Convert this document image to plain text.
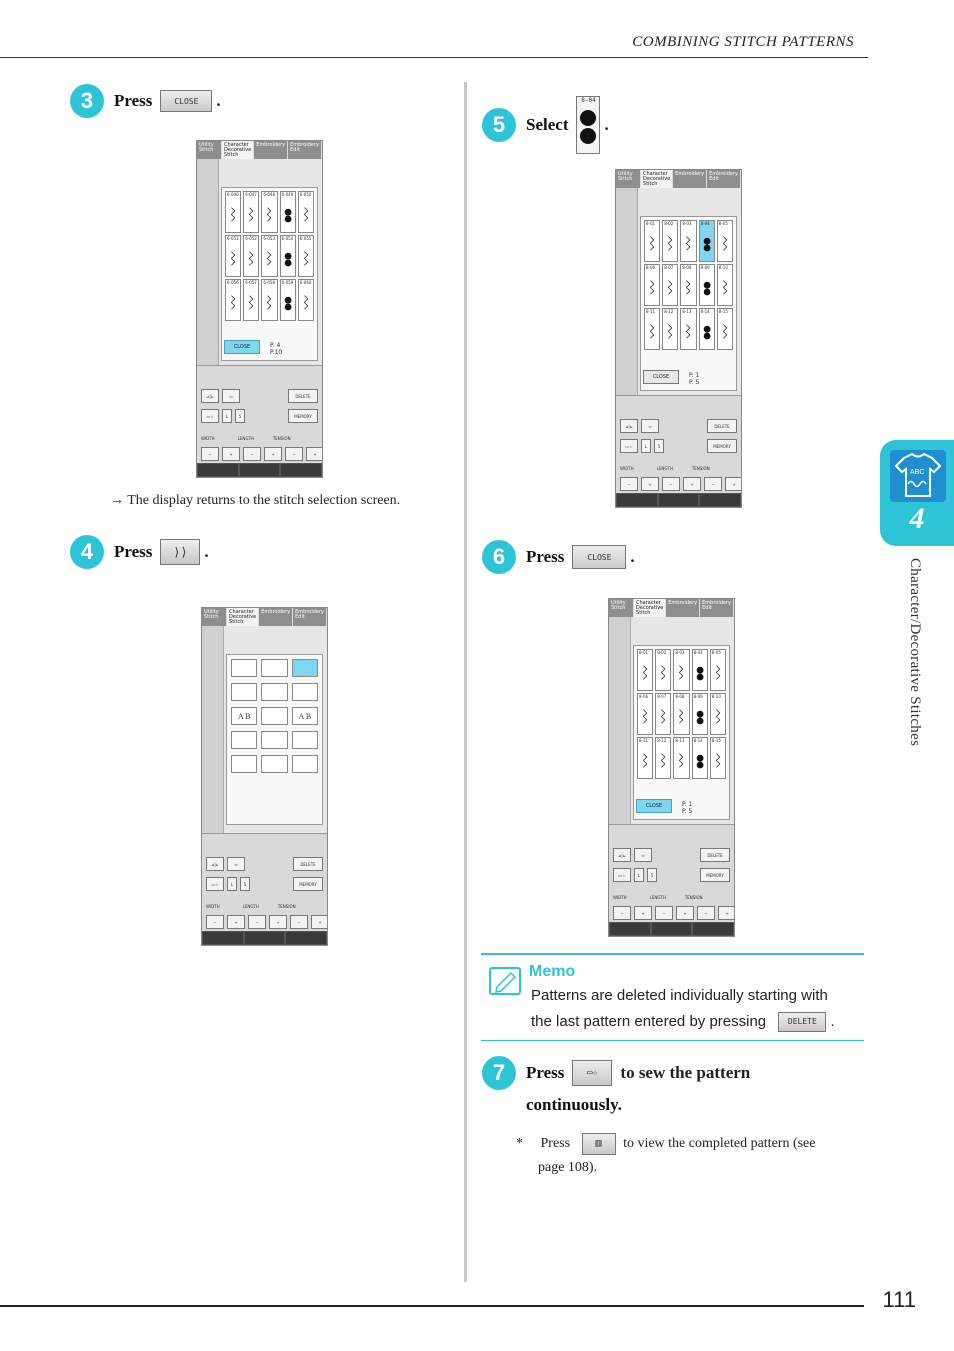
COMBINING STITCH PATTERNS
ABC
4
Character/Decorative Stitches
3	Press	CLOSE	.
Utility Stitch
Character Decorative Stitch
Embroidery	Embroidery Edit
6-046 6-047 6-048 6-049 6-050
6-051 6-052 6-053 6-054 6-055
6-056 6-057 6-058 6-059 6-060
CLOSE	P. 4
P.10
⊿|⊾	⇦	DELETE
▭☆	L	5	MEMORY
WIDTH	LENGTH	TENSION
−	+	−	+	−	+
→ The display returns to the stitch selection screen.
4	Press	⟩⟩ .
Utility Stitch
Character Decorative Stitch
Embroidery	Embroidery Edit
A B	A B
⊿|⊾	⇦	DELETE
▭☆	L	5	MEMORY
WIDTH	LENGTH	TENSION
−	+	−	+	−	+
5	Select
8-04
.
Utility Stitch
Character Decorative Stitch
Embroidery	Embroidery Edit
8-01 8-02 8-03 8-04 8-05
8-06 8-07 8-08 8-09 8-10
8-11 8-12 8-13 8-14 8-15
CLOSE	P. 1
P. 5
⊿|⊾	⇦	DELETE
▭☆	L	5	MEMORY
WIDTH	LENGTH	TENSION
−	+	−	+	−	+
6	Press	CLOSE	.
Utility Stitch
Character Decorative Stitch
Embroidery	Embroidery Edit
8-01 8-02 8-03 8-04 8-05
8-06 8-07 8-08 8-09 8-10
8-11 8-12 8-13 8-14 8-15
CLOSE	P. 1
P. 5
⊿|⊾	⇦	DELETE
▭☆	L	5	MEMORY
WIDTH	LENGTH	TENSION
−	+	−	+	−	+
Memo
Patterns are deleted individually starting with
the last pattern entered by pressing	DELETE .
7	Press	▭☆	to sew the pattern
continuously.
* Press	▥ to view the completed pattern (see
page 108).
111
